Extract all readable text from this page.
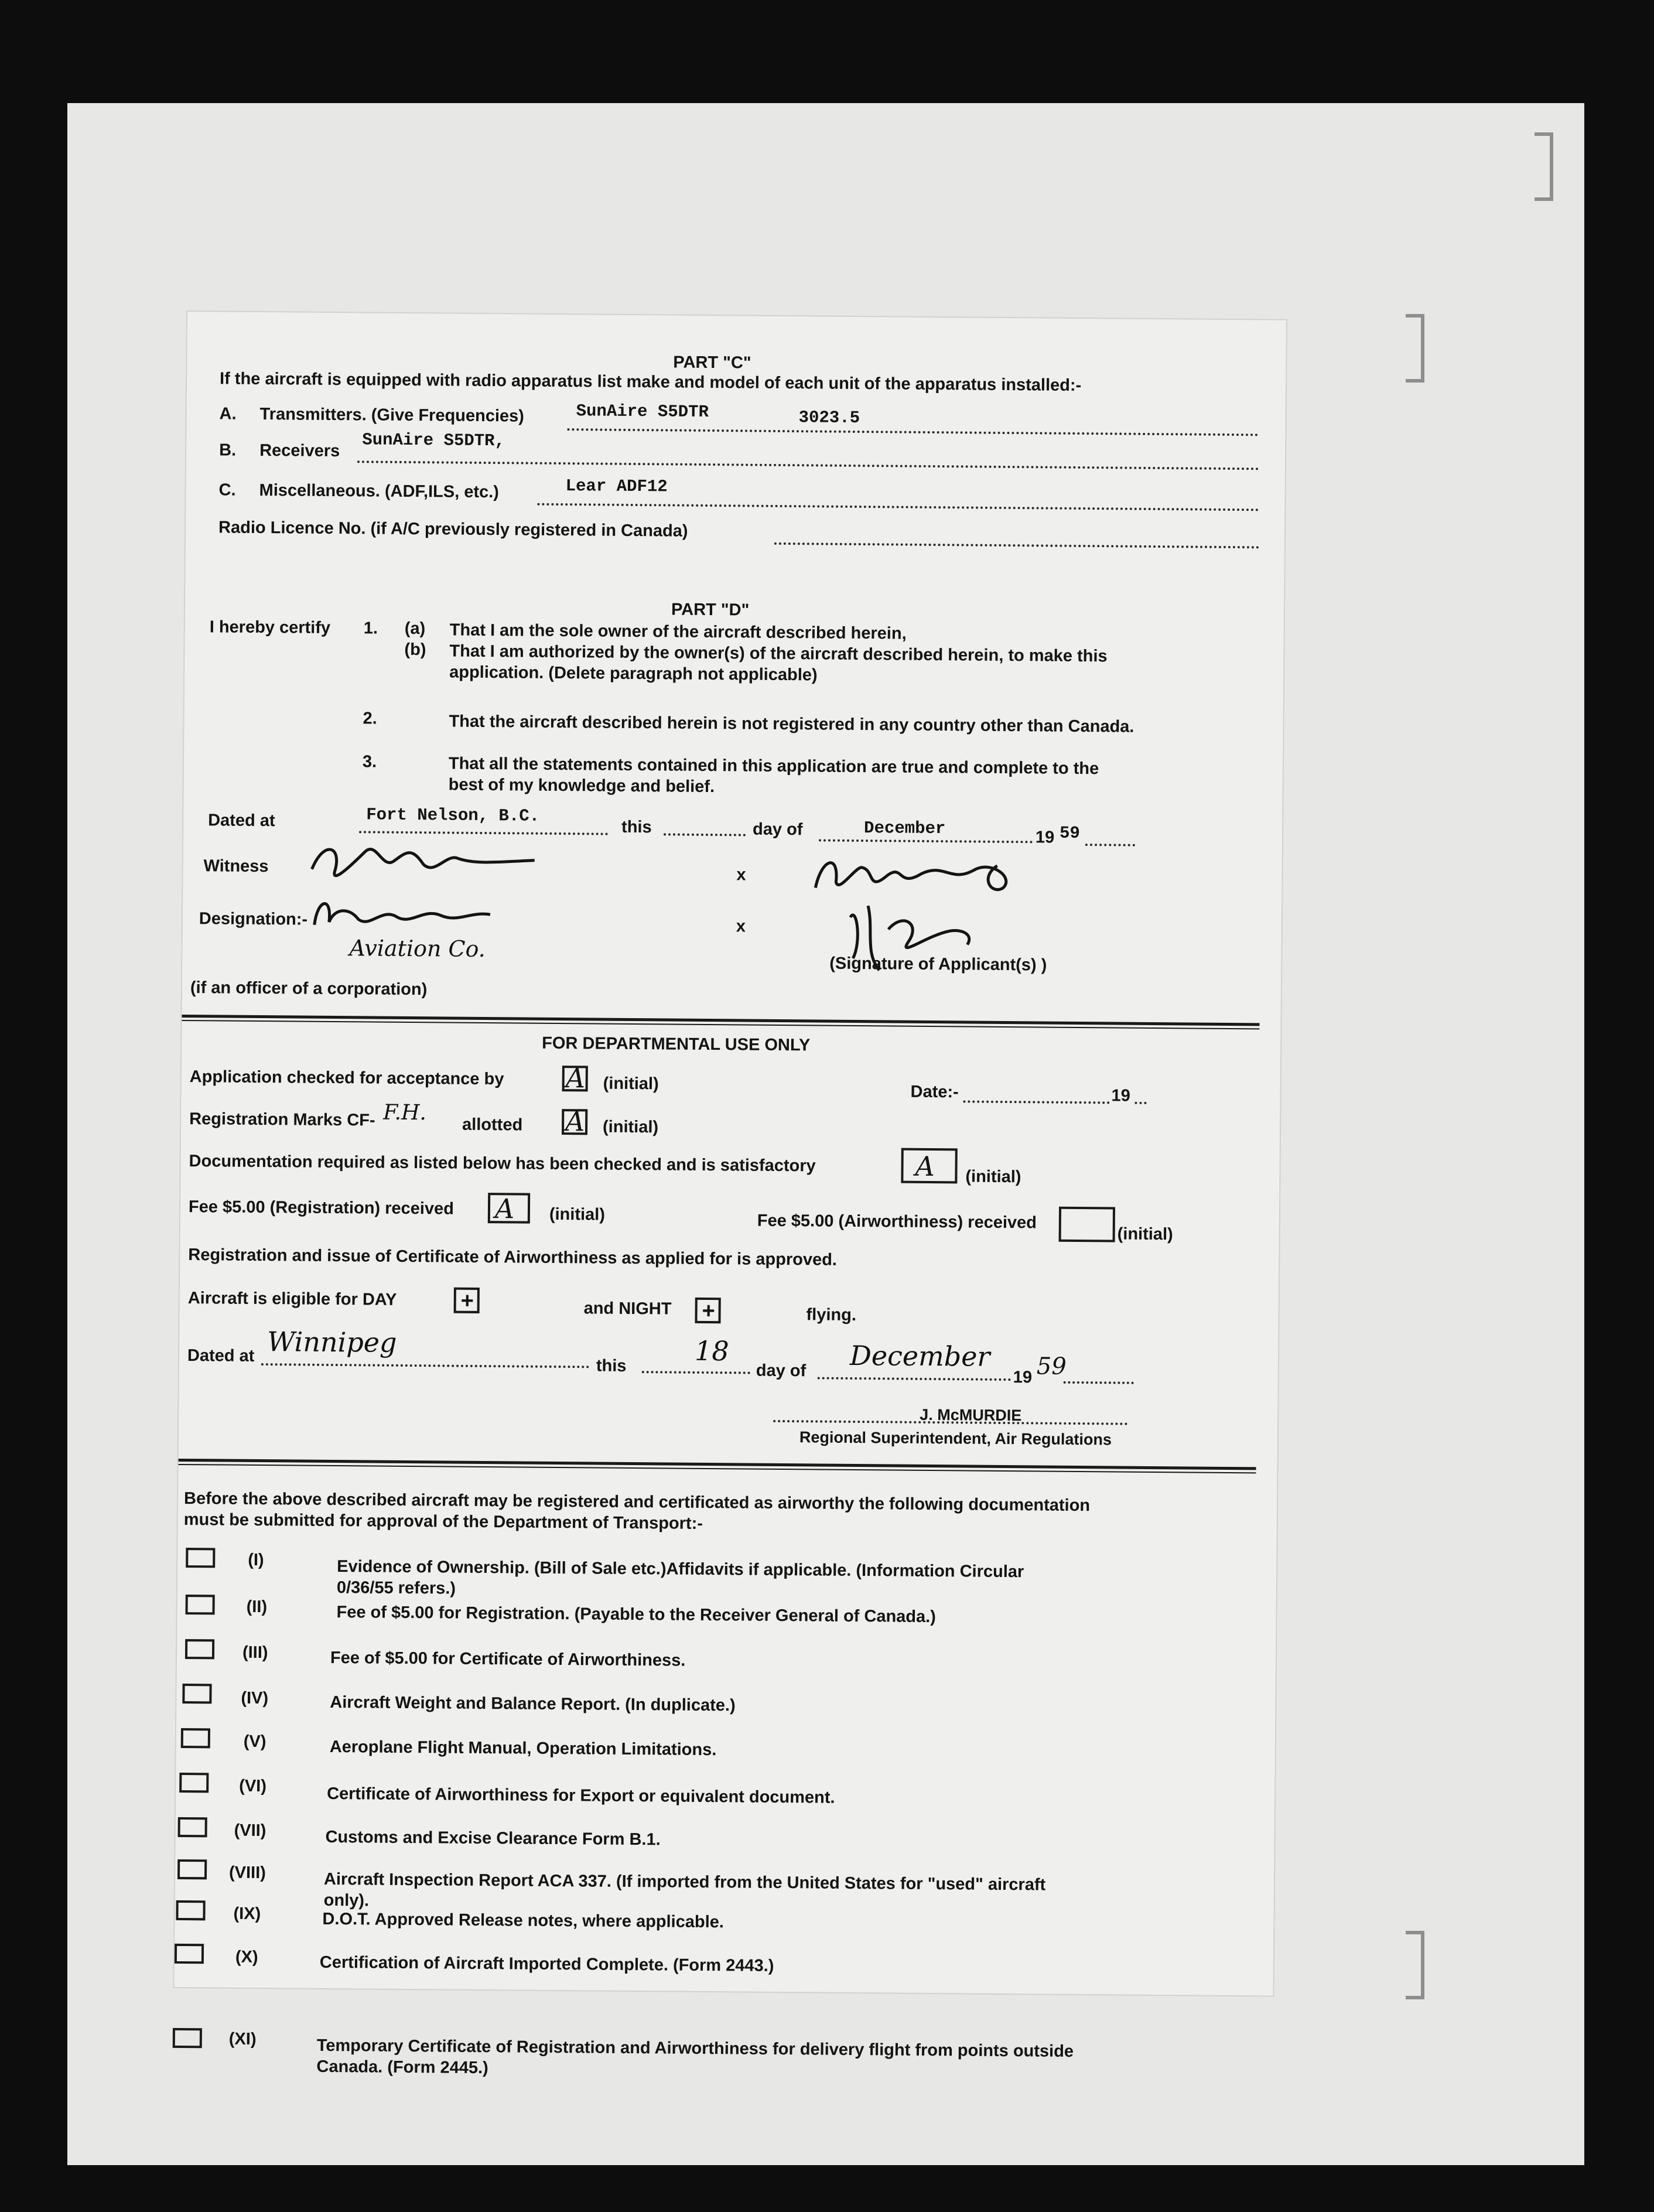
PART "C"
If the aircraft is equipped with radio apparatus list make and model of each unit of the apparatus installed:-
A. Transmitters. (Give Frequencies)	SunAire S5DTR	3023.5
B. Receivers
SunAire S5DTR,
C. Miscellaneous. (ADF,ILS, etc.)	Lear ADF12
Radio Licence No. (if A/C previously registered in Canada)
PART "D"
I hereby certify 1. (a) That I am the sole owner of the aircraft described herein,
(b) That I am authorized by the owner(s) of the aircraft described herein, to make this
application. (Delete paragraph not applicable)
2.	That the aircraft described herein is not registered in any country other than Canada.
3.	That all the statements contained in this application are true and complete to the
best of my knowledge and belief.
Dated at	Fort Nelson, B.C.
this	day of	December	19 59
Witness	x
Designation:-	x
Aviation Co.
(Signature of Applicant(s) )
(if an officer of a corporation)
FOR DEPARTMENTAL USE ONLY
Application checked for acceptance by A (initial)	Date:-	19
Registration Marks CF- F.H. allotted A (initial)
Documentation required as listed below has been checked and is satisfactory	A (initial)
Fee $5.00 (Registration) received A (initial)	Fee $5.00 (Airworthiness) received
(initial)
Registration and issue of Certificate of Airworthiness as applied for is approved.
Aircraft is eligible for DAY	+	and NIGHT +	flying.
Dated at Winnipeg
this	18
day of December
19 59
J. McMURDIE
Regional Superintendent, Air Regulations
Before the above described aircraft may be registered and certificated as airworthy the following documentation
must be submitted for approval of the Department of Transport:-
(I)	Evidence of Ownership. (Bill of Sale etc.)Affidavits if applicable. (Information Circular
0/36/55 refers.)
(II)	Fee of $5.00 for Registration. (Payable to the Receiver General of Canada.)
(III)	Fee of $5.00 for Certificate of Airworthiness.
(IV)	Aircraft Weight and Balance Report. (In duplicate.)
(V)	Aeroplane Flight Manual, Operation Limitations.
(VI)	Certificate of Airworthiness for Export or equivalent document.
(VII)	Customs and Excise Clearance Form B.1.
(VIII)	Aircraft Inspection Report ACA 337. (If imported from the United States for "used" aircraft
only).
(IX)	D.O.T. Approved Release notes, where applicable.
(X)	Certification of Aircraft Imported Complete. (Form 2443.)
(XI)	Temporary Certificate of Registration and Airworthiness for delivery flight from points outside
Canada. (Form 2445.)
